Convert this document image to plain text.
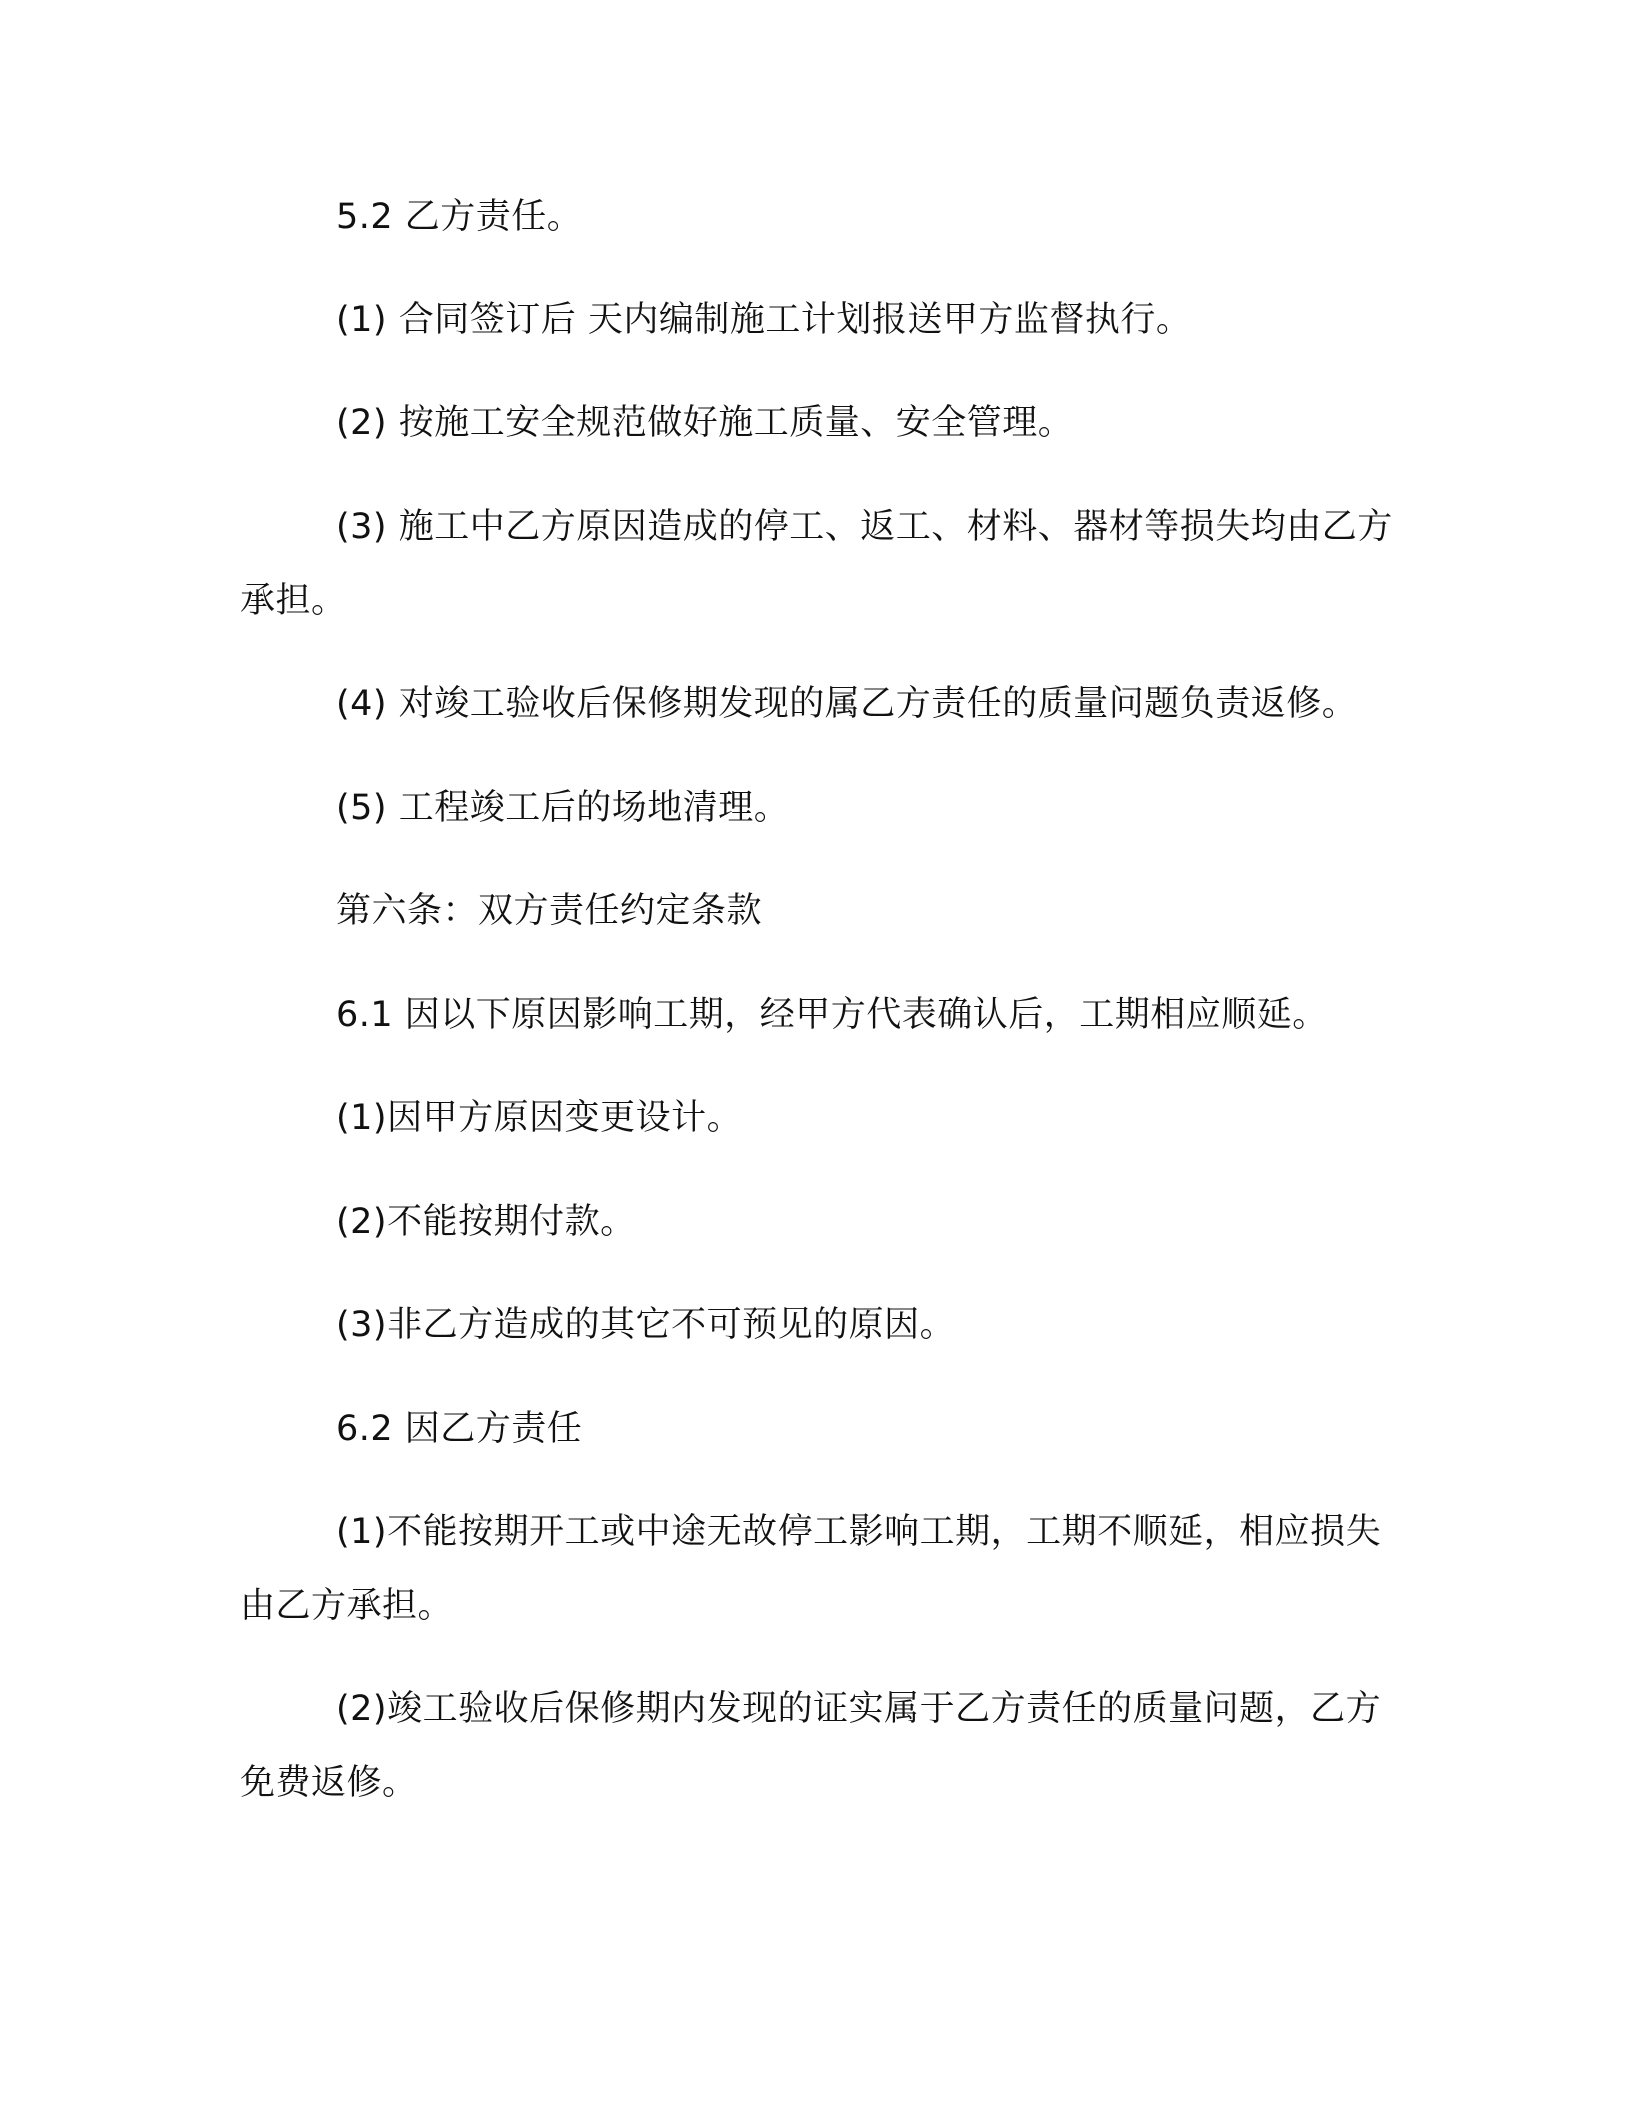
5.2 乙方责任。

(1) 合同签订后 天内编制施工计划报送甲方监督执行。

(2) 按施工安全规范做好施工质量、安全管理。

(3) 施工中乙方原因造成的停工、返工、材料、器材等损失均由乙方承担。

(4) 对竣工验收后保修期发现的属乙方责任的质量问题负责返修。

(5) 工程竣工后的场地清理。

第六条：双方责任约定条款

6.1 因以下原因影响工期，经甲方代表确认后，工期相应顺延。

(1)因甲方原因变更设计。

(2)不能按期付款。

(3)非乙方造成的其它不可预见的原因。

6.2 因乙方责任

(1)不能按期开工或中途无故停工影响工期，工期不顺延，相应损失由乙方承担。

(2)竣工验收后保修期内发现的证实属于乙方责任的质量问题，乙方免费返修。
